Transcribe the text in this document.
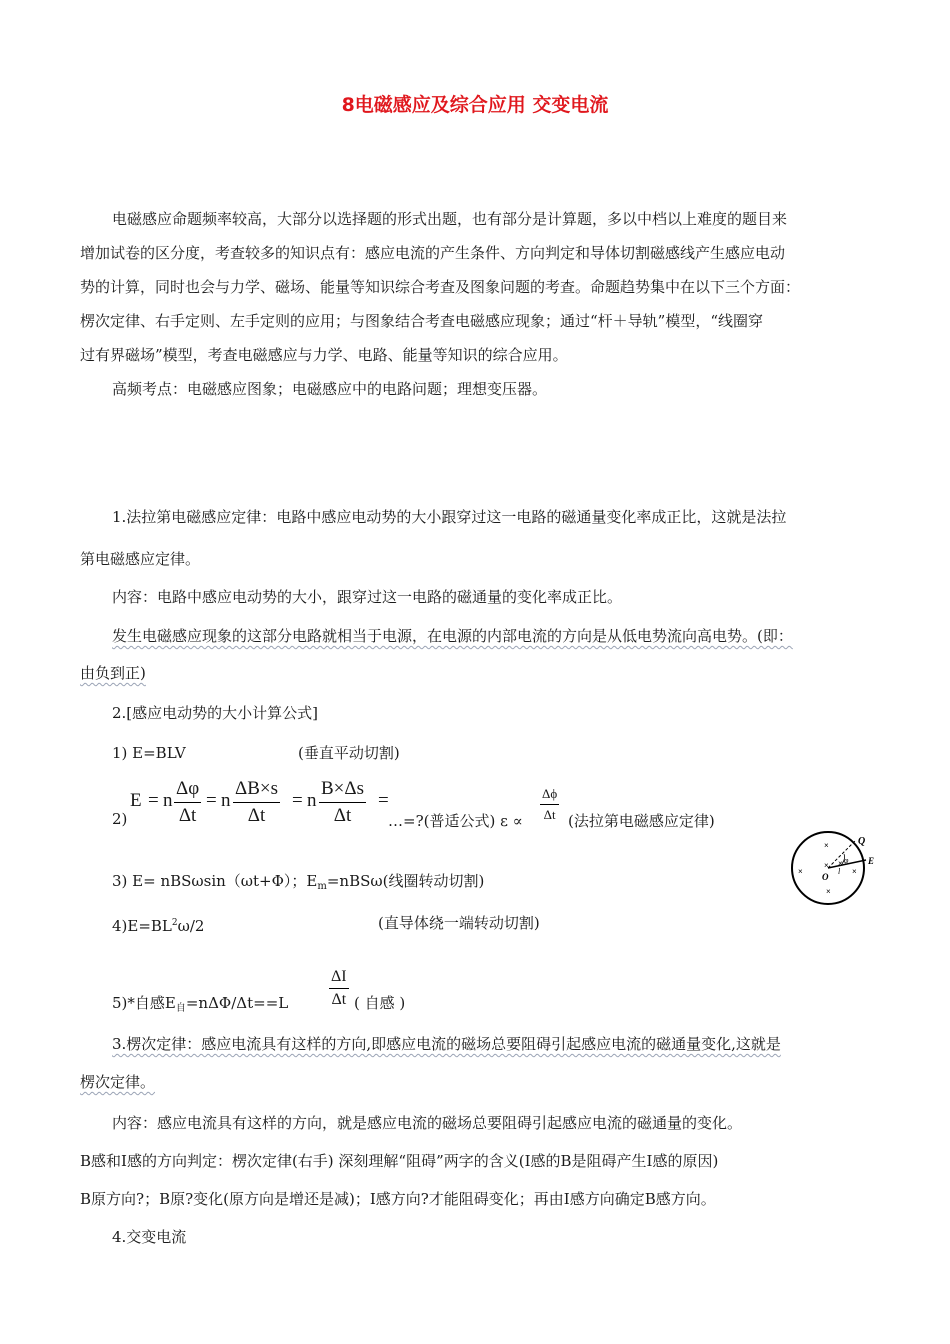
8电磁感应及综合应用 交变电流
电磁感应命题频率较高，大部分以选择题的形式出题，也有部分是计算题，多以中档以上难度的题目来
增加试卷的区分度，考查较多的知识点有：感应电流的产生条件、方向判定和导体切割磁感线产生感应电动
势的计算，同时也会与力学、磁场、能量等知识综合考查及图象问题的考查。命题趋势集中在以下三个方面：
楞次定律、右手定则、左手定则的应用；与图象结合考查电磁感应现象；通过“杆＋导轨”模型，“线圈穿
过有界磁场”模型，考查电磁感应与力学、电路、能量等知识的综合应用。
高频考点：电磁感应图象；电磁感应中的电路问题；理想变压器。
1.法拉第电磁感应定律：电路中感应电动势的大小跟穿过这一电路的磁通量变化率成正比，这就是法拉
第电磁感应定律。
内容：电路中感应电动势的大小，跟穿过这一电路的磁通量的变化率成正比。
发生电磁感应现象的这部分电路就相当于电源，在电源的内部电流的方向是从低电势流向高电势。(即：
由负到正)
2.[感应电动势的大小计算公式]
1) E=BLV	(垂直平动切割)
2)
E = n $\frac{\Delta\varphi}{\Delta t} = n \frac{\Delta B\times s}{\Delta t} = n \frac{B\times\Delta s}{\Delta t}$ =
…=?(普适公式) $\varepsilon \propto \frac{\Delta\phi}{\Delta t}$ (法拉第电磁感应定律)
3) E= nBSωsin（ωt+Φ）；$E_m=nBS\omega$(线圈转动切割)
$4)E=BL^2\omega/2$	(直导体绕一端转动切割)
5)*自感$E_自=n\Delta\Phi/\Delta t==L$	$\frac{\Delta I}{\Delta t}$ ( 自感 )
Q
E
O
l
φ
×
×
× ×
×
×
3.楞次定律：感应电流具有这样的方向,即感应电流的磁场总要阻碍引起感应电流的磁通量变化,这就是
楞次定律。
内容：感应电流具有这样的方向，就是感应电流的磁场总要阻碍引起感应电流的磁通量的变化。
B感和I感的方向判定：楞次定律(右手) 深刻理解“阻碍”两字的含义(I感的B是阻碍产生I感的原因)
B原方向?；B原?变化(原方向是增还是减)；I感方向?才能阻碍变化；再由I感方向确定B感方向。
4.交变电流
